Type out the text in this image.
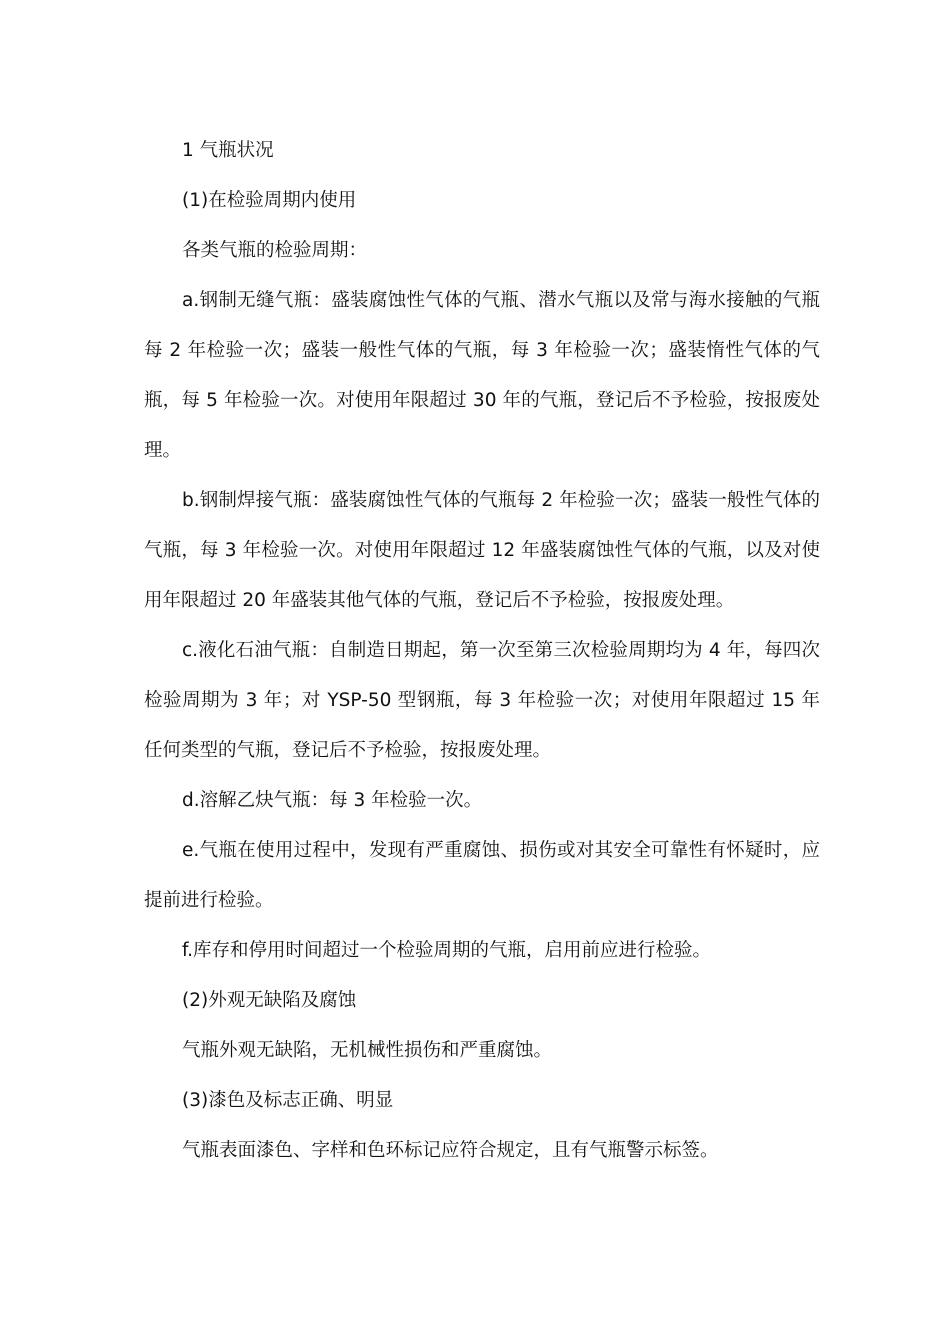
1 气瓶状况

(1)在检验周期内使用

各类气瓶的检验周期：

a.钢制无缝气瓶：盛装腐蚀性气体的气瓶、潜水气瓶以及常与海水接触的气瓶每 2 年检验一次；盛装一般性气体的气瓶，每 3 年检验一次；盛装惰性气体的气瓶，每 5 年检验一次。对使用年限超过 30 年的气瓶，登记后不予检验，按报废处理。

b.钢制焊接气瓶：盛装腐蚀性气体的气瓶每 2 年检验一次；盛装一般性气体的气瓶，每 3 年检验一次。对使用年限超过 12 年盛装腐蚀性气体的气瓶，以及对使用年限超过 20 年盛装其他气体的气瓶，登记后不予检验，按报废处理。

c.液化石油气瓶：自制造日期起，第一次至第三次检验周期均为 4 年，每四次检验周期为 3 年；对 YSP-50 型钢瓶，每 3 年检验一次；对使用年限超过 15 年任何类型的气瓶，登记后不予检验，按报废处理。

d.溶解乙炔气瓶：每 3 年检验一次。

e.气瓶在使用过程中，发现有严重腐蚀、损伤或对其安全可靠性有怀疑时，应提前进行检验。

f.库存和停用时间超过一个检验周期的气瓶，启用前应进行检验。

(2)外观无缺陷及腐蚀

气瓶外观无缺陷，无机械性损伤和严重腐蚀。

(3)漆色及标志正确、明显

气瓶表面漆色、字样和色环标记应符合规定，且有气瓶警示标签。
